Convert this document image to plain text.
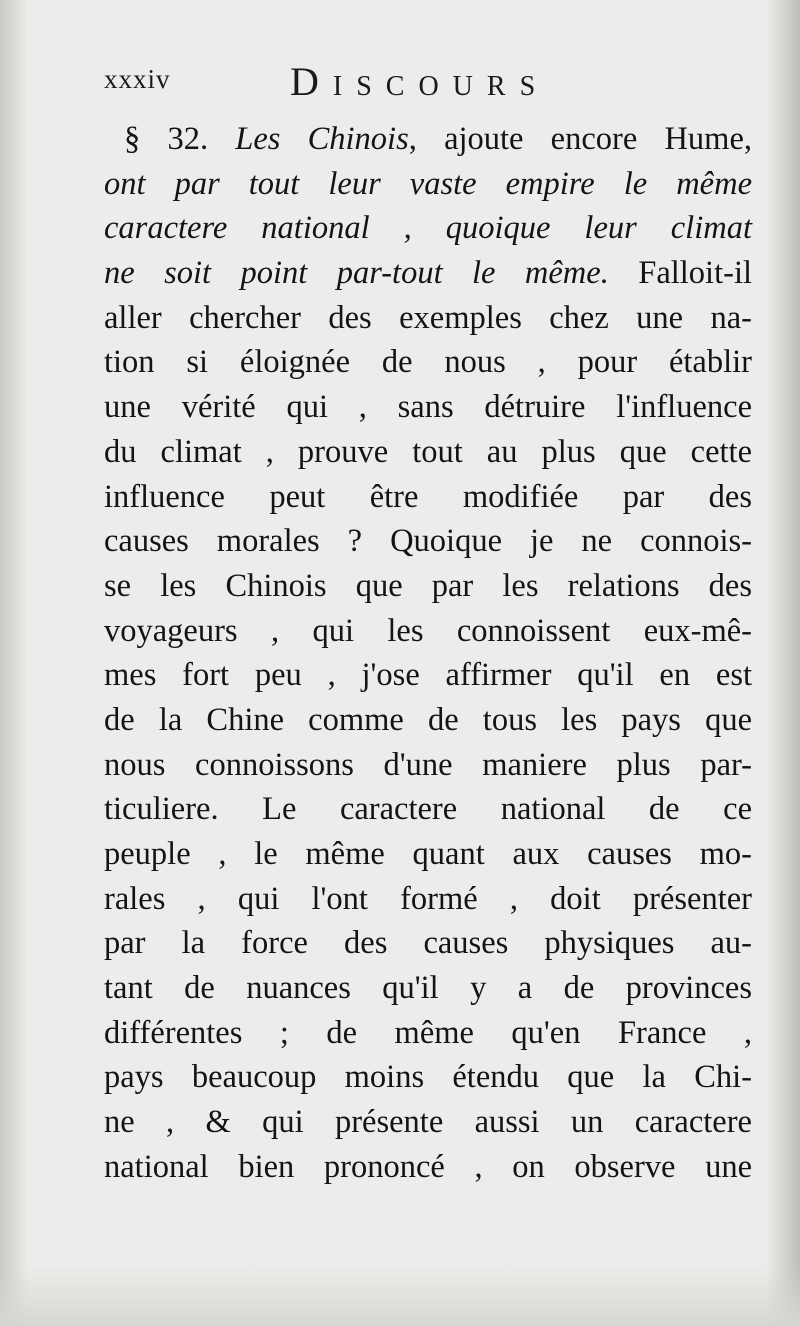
xxxiv	Discours
§ 32. Les Chinois, ajoute encore Hume,
ont par tout leur vaste empire le même
caractere national , quoique leur climat
ne soit point par-tout le même. Falloit-il
aller chercher des exemples chez une na-
tion si éloignée de nous , pour établir
une vérité qui , sans détruire l'influence
du climat , prouve tout au plus que cette
influence peut être modifiée par des
causes morales ? Quoique je ne connois-
se les Chinois que par les relations des
voyageurs , qui les connoissent eux-mê-
mes fort peu , j'ose affirmer qu'il en est
de la Chine comme de tous les pays que
nous connoissons d'une maniere plus par-
ticuliere. Le caractere national de ce
peuple , le même quant aux causes mo-
rales , qui l'ont formé , doit présenter
par la force des causes physiques au-
tant de nuances qu'il y a de provinces
différentes ; de même qu'en France ,
pays beaucoup moins étendu que la Chi-
ne , & qui présente aussi un caractere
national bien prononcé , on observe une
